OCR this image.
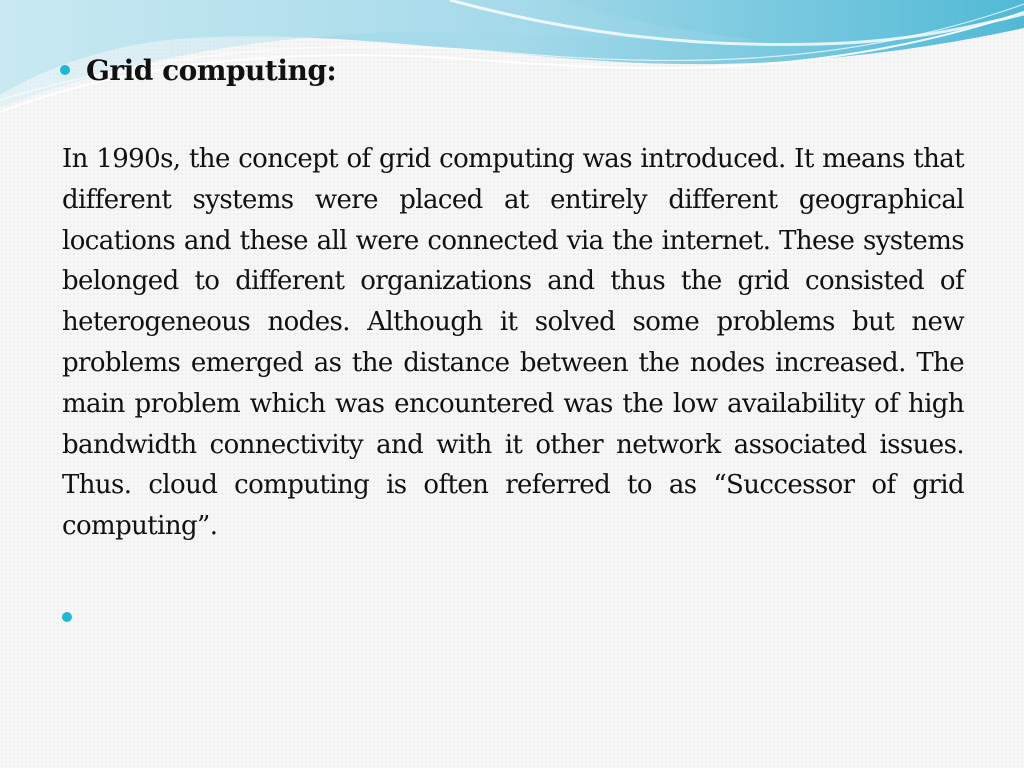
Grid computing:

In 1990s, the concept of grid computing was introduced. It means that different systems were placed at entirely different geographical locations and these all were connected via the internet. These systems belonged to different organizations and thus the grid consisted of heterogeneous nodes. Although it solved some problems but new problems emerged as the distance between the nodes increased. The main problem which was encountered was the low availability of high bandwidth connectivity and with it other network associated issues. Thus. cloud computing is often referred to as “Successor of grid computing”.
